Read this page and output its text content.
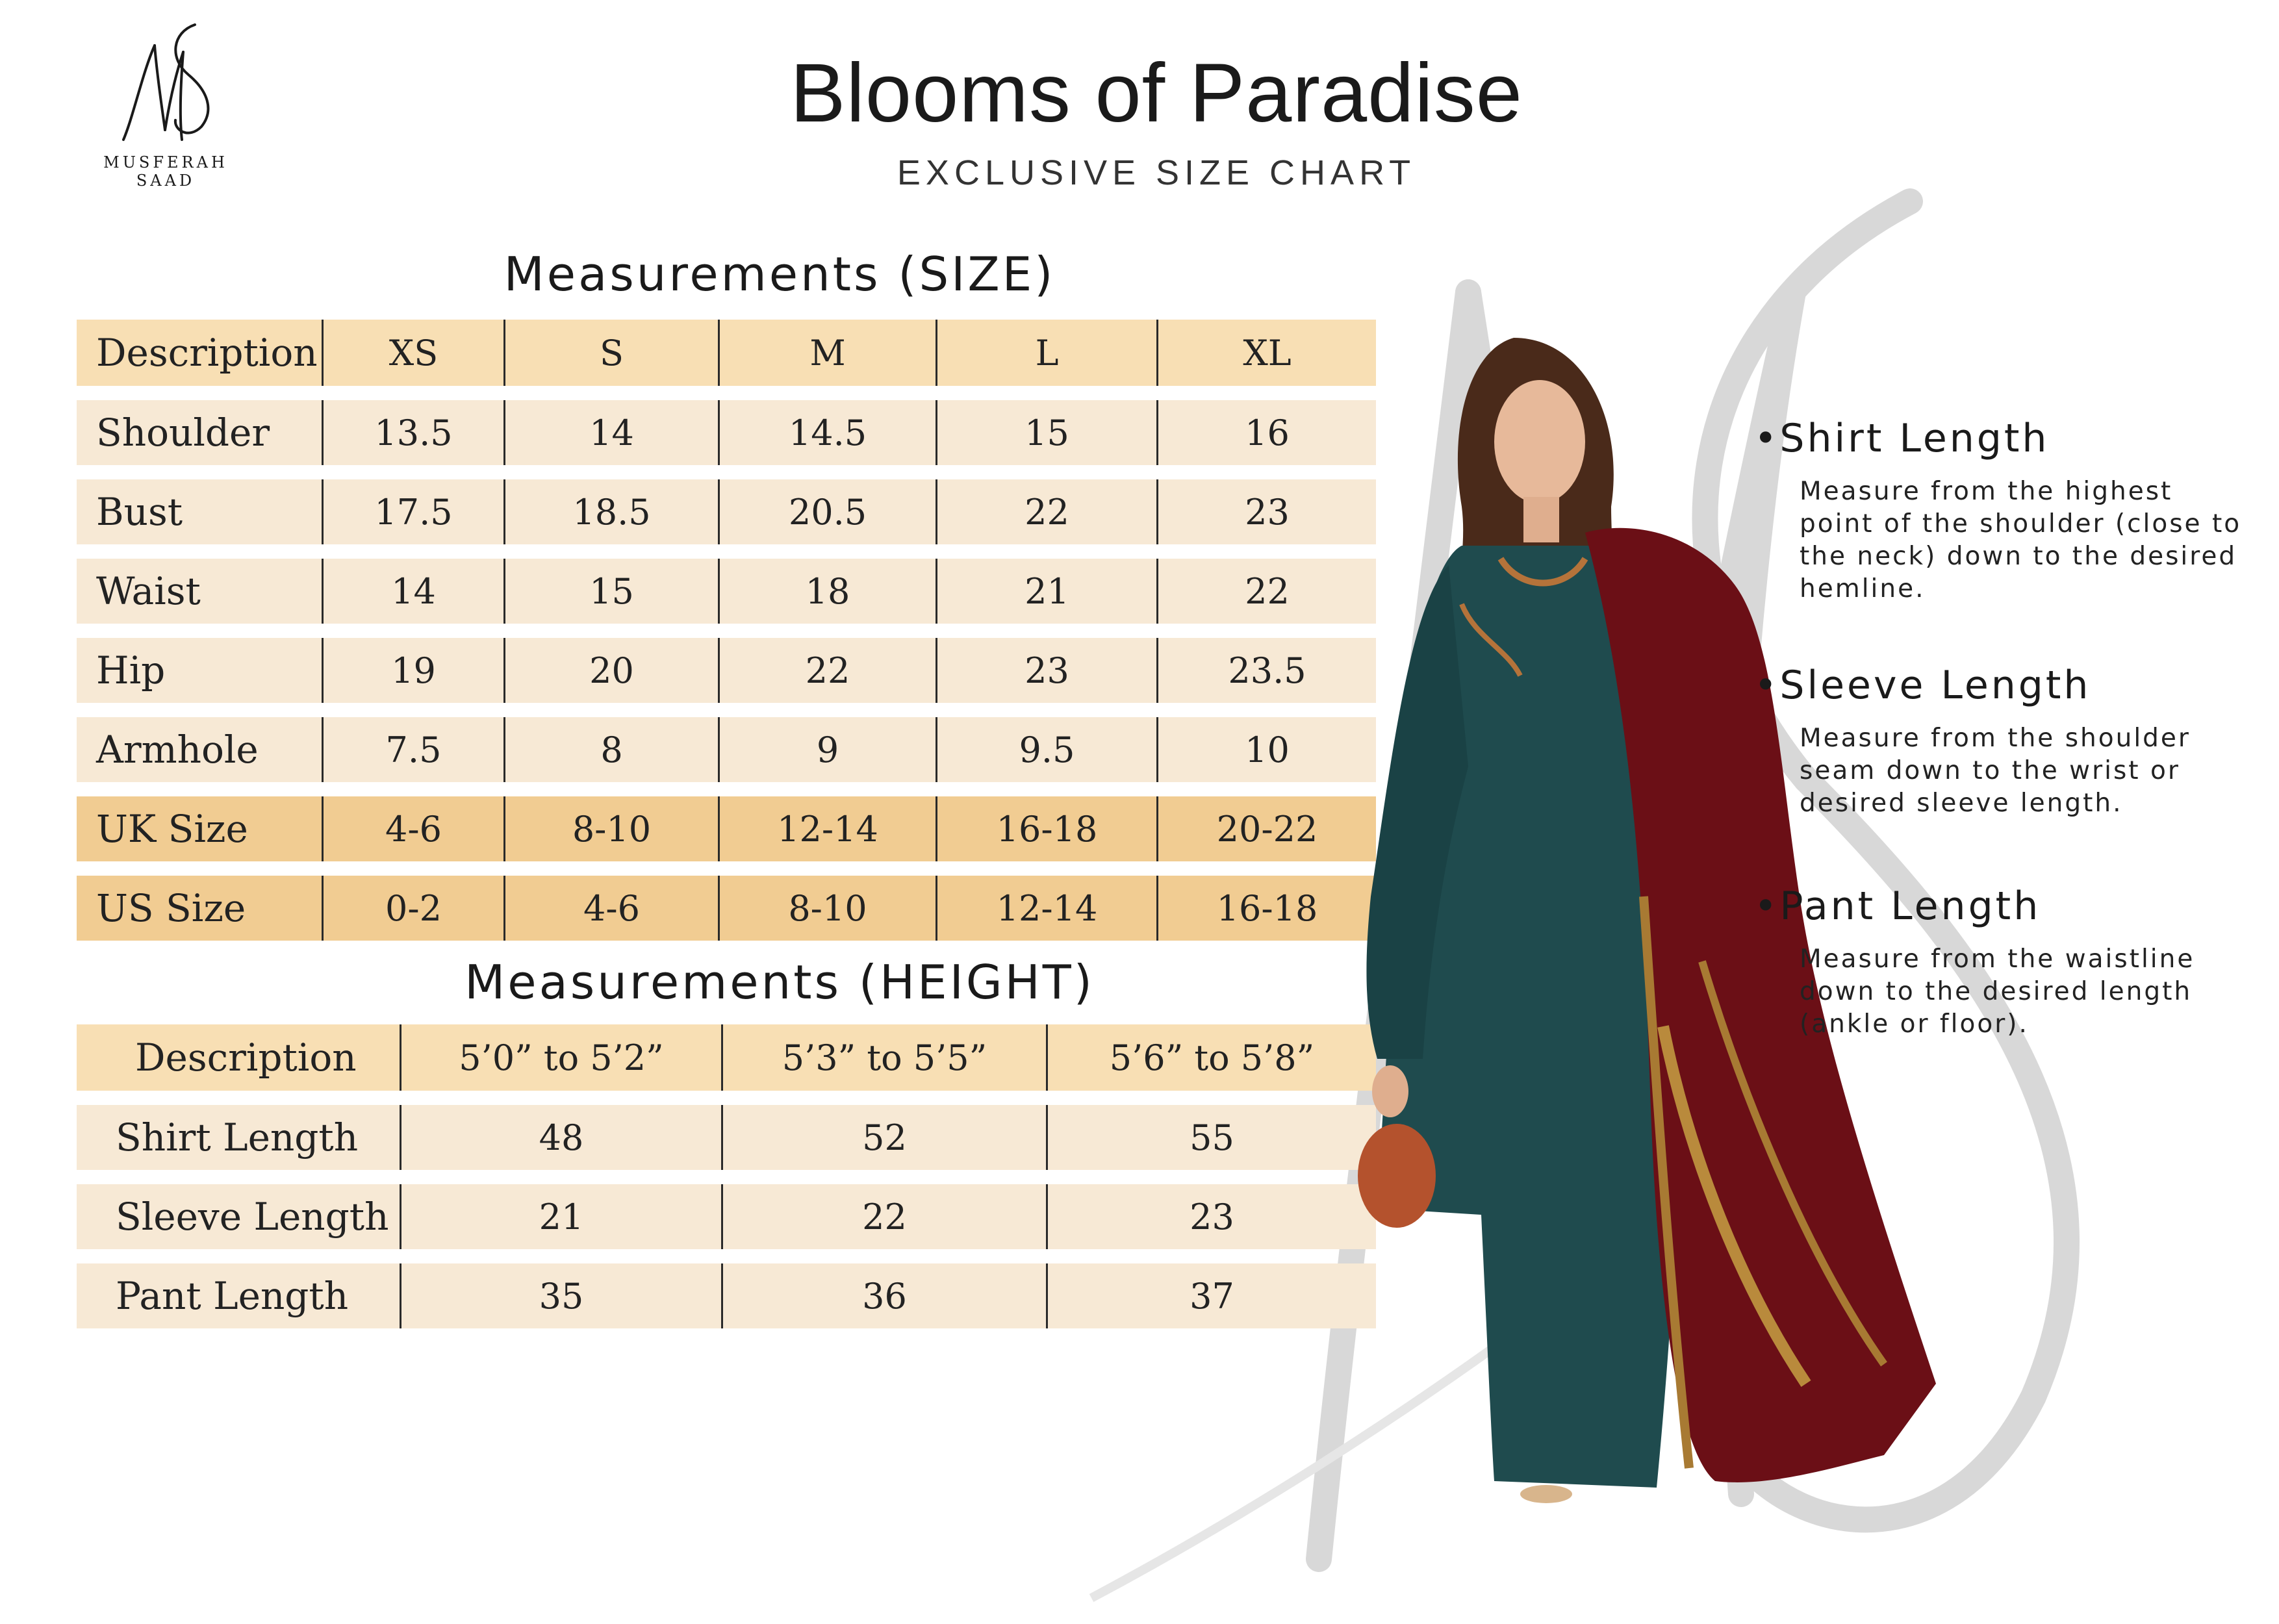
MUSFERAH SAAD
Blooms of Paradise
EXCLUSIVE SIZE CHART
Measurements (SIZE)
Description	XS	S	M	L	XL
Shoulder	13.5	14	14.5	15	16
Bust	17.5	18.5	20.5	22	23
Waist	14	15	18	21	22
Hip	19	20	22	23	23.5
Armhole	7.5	8	9	9.5	10
UK Size	4-6	8-10	12-14	16-18	20-22
US Size	0-2	4-6	8-10	12-14	16-18
Measurements (HEIGHT)
Description	5’0” to 5’2”	5’3” to 5’5”	5’6” to 5’8”
Shirt Length	48	52	55
Sleeve Length	21	22	23
Pant Length	35	36	37
•Shirt Length

Measure from the highest point of the shoulder (close to the neck) down to the desired hemline.

•Sleeve Length

Measure from the shoulder seam down to the wrist or desired sleeve length.

•Pant Length

Measure from the waistline down to the desired length (ankle or floor).
